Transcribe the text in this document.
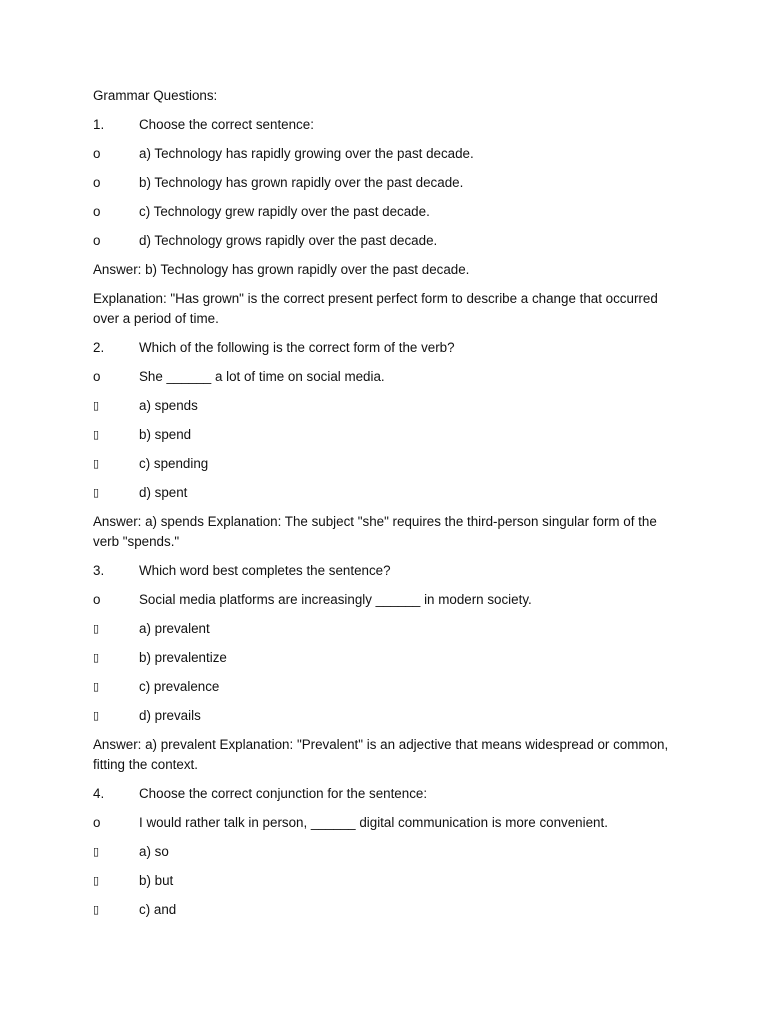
Grammar Questions:
1.	Choose the correct sentence:
o	a) Technology has rapidly growing over the past decade.
o	b) Technology has grown rapidly over the past decade.
o	c) Technology grew rapidly over the past decade.
o	d) Technology grows rapidly over the past decade.
Answer: b) Technology has grown rapidly over the past decade.
Explanation: "Has grown" is the correct present perfect form to describe a change that occurred over a period of time.
2.	Which of the following is the correct form of the verb?
o	She ______ a lot of time on social media.
▯	a) spends
▯	b) spend
▯	c) spending
▯	d) spent
Answer: a) spends Explanation: The subject "she" requires the third-person singular form of the verb "spends."
3.	Which word best completes the sentence?
o	Social media platforms are increasingly ______ in modern society.
▯	a) prevalent
▯	b) prevalentize
▯	c) prevalence
▯	d) prevails
Answer: a) prevalent Explanation: "Prevalent" is an adjective that means widespread or common, fitting the context.
4.	Choose the correct conjunction for the sentence:
o	I would rather talk in person, ______ digital communication is more convenient.
▯	a) so
▯	b) but
▯	c) and
